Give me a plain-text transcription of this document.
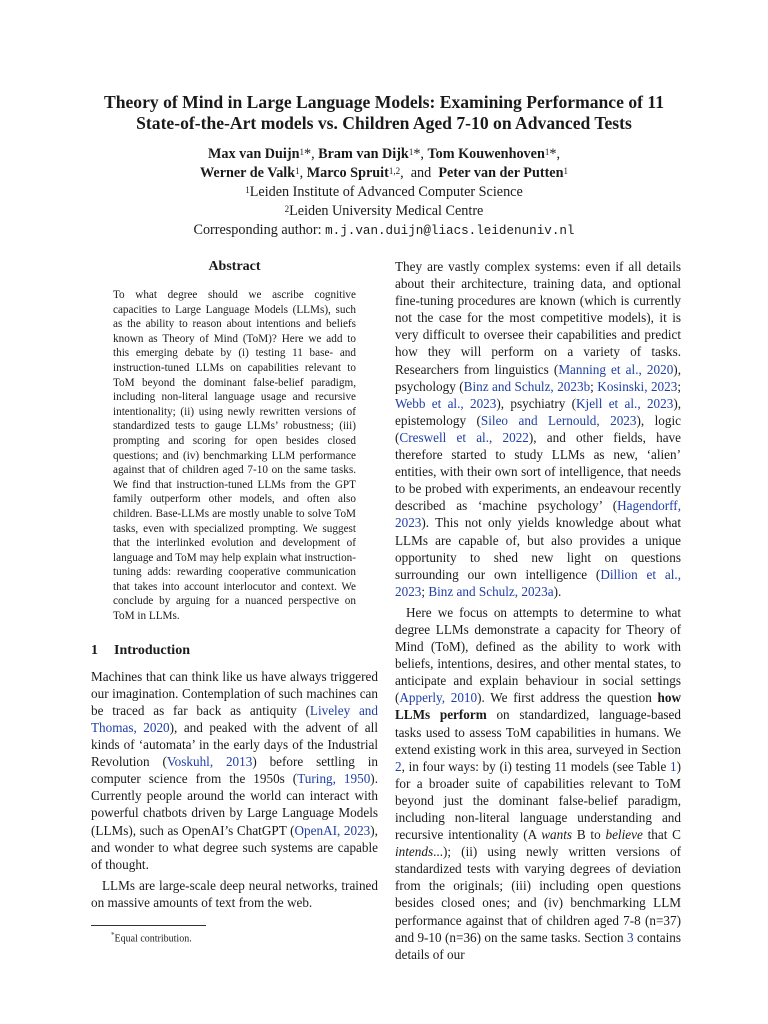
Theory of Mind in Large Language Models: Examining Performance of 11
State-of-the-Art models vs. Children Aged 7-10 on Advanced Tests
Max van Duijn$^1$*, Bram van Dijk$^1$*, Tom Kouwenhoven$^1$*,
Werner de Valk$^1$, Marco Spruit$^{1,2}$, and Peter van der Putten$^1$
$^1$Leiden Institute of Advanced Computer Science
$^2$Leiden University Medical Centre
Corresponding author: m.j.van.duijn@liacs.leidenuniv.nl
Abstract

To what degree should we ascribe cognitive capacities to Large Language Models (LLMs), such as the ability to reason about intentions and beliefs known as Theory of Mind (ToM)? Here we add to this emerging debate by (i) testing 11 base- and instruction-tuned LLMs on capabilities relevant to ToM beyond the dominant false-belief paradigm, including non-literal language usage and recursive intentionality; (ii) using newly rewritten versions of standardized tests to gauge LLMs’ robustness; (iii) prompting and scoring for open besides closed questions; and (iv) benchmarking LLM performance against that of children aged 7-10 on the same tasks. We find that instruction-tuned LLMs from the GPT family outperform other models, and often also children. Base-LLMs are mostly unable to solve ToM tasks, even with specialized prompting. We suggest that the interlinked evolution and development of language and ToM may help explain what instruction-tuning adds: rewarding cooperative communication that takes into account interlocutor and context. We conclude by arguing for a nuanced perspective on ToM in LLMs.

1 Introduction

Machines that can think like us have always triggered our imagination. Contemplation of such machines can be traced as far back as antiquity (Liveley and Thomas, 2020), and peaked with the advent of all kinds of ‘automata’ in the early days of the Industrial Revolution (Voskuhl, 2013) before settling in computer science from the 1950s (Turing, 1950). Currently people around the world can interact with powerful chatbots driven by Large Language Models (LLMs), such as OpenAI’s ChatGPT (OpenAI, 2023), and wonder to what degree such systems are capable of thought.

LLMs are large-scale deep neural networks, trained on massive amounts of text from the web.

They are vastly complex systems: even if all details about their architecture, training data, and optional fine-tuning procedures are known (which is currently not the case for the most competitive models), it is very difficult to oversee their capabilities and predict how they will perform on a variety of tasks. Researchers from linguistics (Manning et al., 2020), psychology (Binz and Schulz, 2023b; Kosinski, 2023; Webb et al., 2023), psychiatry (Kjell et al., 2023), epistemology (Sileo and Lernould, 2023), logic (Creswell et al., 2022), and other fields, have therefore started to study LLMs as new, ‘alien’ entities, with their own sort of intelligence, that needs to be probed with experiments, an endeavour recently described as ‘machine psychology’ (Hagendorff, 2023). This not only yields knowledge about what LLMs are capable of, but also provides a unique opportunity to shed new light on questions surrounding our own intelligence (Dillion et al., 2023; Binz and Schulz, 2023a).

Here we focus on attempts to determine to what degree LLMs demonstrate a capacity for Theory of Mind (ToM), defined as the ability to work with beliefs, intentions, desires, and other mental states, to anticipate and explain behaviour in social settings (Apperly, 2010). We first address the question how LLMs perform on standardized, language-based tasks used to assess ToM capabilities in humans. We extend existing work in this area, surveyed in Section 2, in four ways: by (i) testing 11 models (see Table 1) for a broader suite of capabilities relevant to ToM beyond just the dominant false-belief paradigm, including non-literal language understanding and recursive intentionality (A wants B to believe that C intends...); (ii) using newly written versions of standardized tests with varying degrees of deviation from the originals; (iii) including open questions besides closed ones; and (iv) benchmarking LLM performance against that of children aged 7-8 (n=37) and 9-10 (n=36) on the same tasks. Section 3 contains details of our

*Equal contribution.
